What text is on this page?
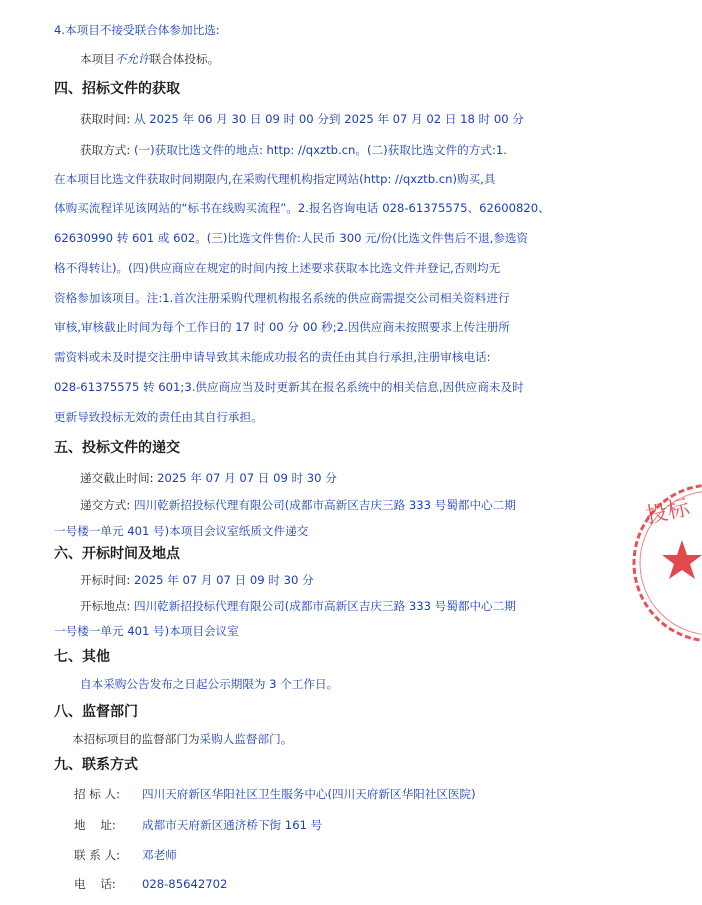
4.本项目不接受联合体参加比选:
本项目不允许联合体投标。
四、招标文件的获取
获取时间: 从 2025 年 06 月 30 日 09 时 00 分到 2025 年 07 月 02 日 18 时 00 分
获取方式: (一)获取比选文件的地点: http: //qxztb.cn。(二)获取比选文件的方式:1.
在本项目比选文件获取时间期限内,在采购代理机构指定网站(http: //qxztb.cn)购买,具
体购买流程详见该网站的“标书在线购买流程”。2.报名咨询电话 028-61375575、62600820、
62630990 转 601 或 602。(三)比选文件售价:人民币 300 元/份(比选文件售后不退,参选资
格不得转让)。(四)供应商应在规定的时间内按上述要求获取本比选文件并登记,否则均无
资格参加该项目。注:1.首次注册采购代理机构报名系统的供应商需提交公司相关资料进行
审核,审核截止时间为每个工作日的 17 时 00 分 00 秒;2.因供应商未按照要求上传注册所
需资料或未及时提交注册申请导致其未能成功报名的责任由其自行承担,注册审核电话:
028-61375575 转 601;3.供应商应当及时更新其在报名系统中的相关信息,因供应商未及时
更新导致投标无效的责任由其自行承担。
五、投标文件的递交
递交截止时间: 2025 年 07 月 07 日 09 时 30 分
递交方式: 四川乾新招投标代理有限公司(成都市高新区吉庆三路 333 号蜀都中心二期
一号楼一单元 401 号)本项目会议室纸质文件递交
六、开标时间及地点
开标时间: 2025 年 07 月 07 日 09 时 30 分
开标地点: 四川乾新招投标代理有限公司(成都市高新区吉庆三路 333 号蜀都中心二期
一号楼一单元 401 号)本项目会议室
七、其他
自本采购公告发布之日起公示期限为 3 个工作日。
八、监督部门
本招标项目的监督部门为采购人监督部门。
九、联系方式
招 标 人: 四川天府新区华阳社区卫生服务中心(四川天府新区华阳社区医院)
地    址: 成都市天府新区通济桥下街 161 号
联 系 人: 邓老师
电    话: 028-85642702
投标
